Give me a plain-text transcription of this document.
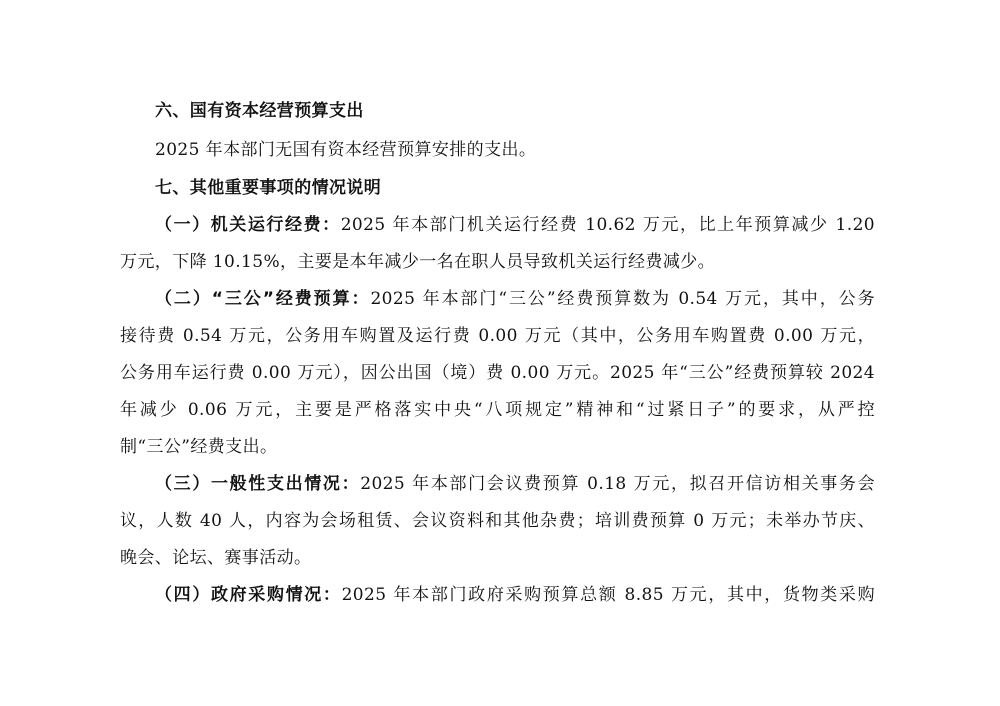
六、国有资本经营预算支出
2025 年本部门无国有资本经营预算安排的支出。
七、其他重要事项的情况说明
（一）机关运行经费：2025 年本部门机关运行经费 10.62 万元，比上年预算减少 1.20
万元，下降 10.15%，主要是本年减少一名在职人员导致机关运行经费减少。
（二）“三公”经费预算：2025 年本部门“三公”经费预算数为 0.54 万元，其中，公务
接待费 0.54 万元，公务用车购置及运行费 0.00 万元（其中，公务用车购置费 0.00 万元，
公务用车运行费 0.00 万元），因公出国（境）费 0.00 万元。2025 年“三公”经费预算较 2024
年减少 0.06 万元，主要是严格落实中央“八项规定”精神和“过紧日子”的要求，从严控
制“三公”经费支出。
（三）一般性支出情况：2025 年本部门会议费预算 0.18 万元，拟召开信访相关事务会
议，人数 40 人，内容为会场租赁、会议资料和其他杂费；培训费预算 0 万元；未举办节庆、
晚会、论坛、赛事活动。
（四）政府采购情况：2025 年本部门政府采购预算总额 8.85 万元，其中，货物类采购
